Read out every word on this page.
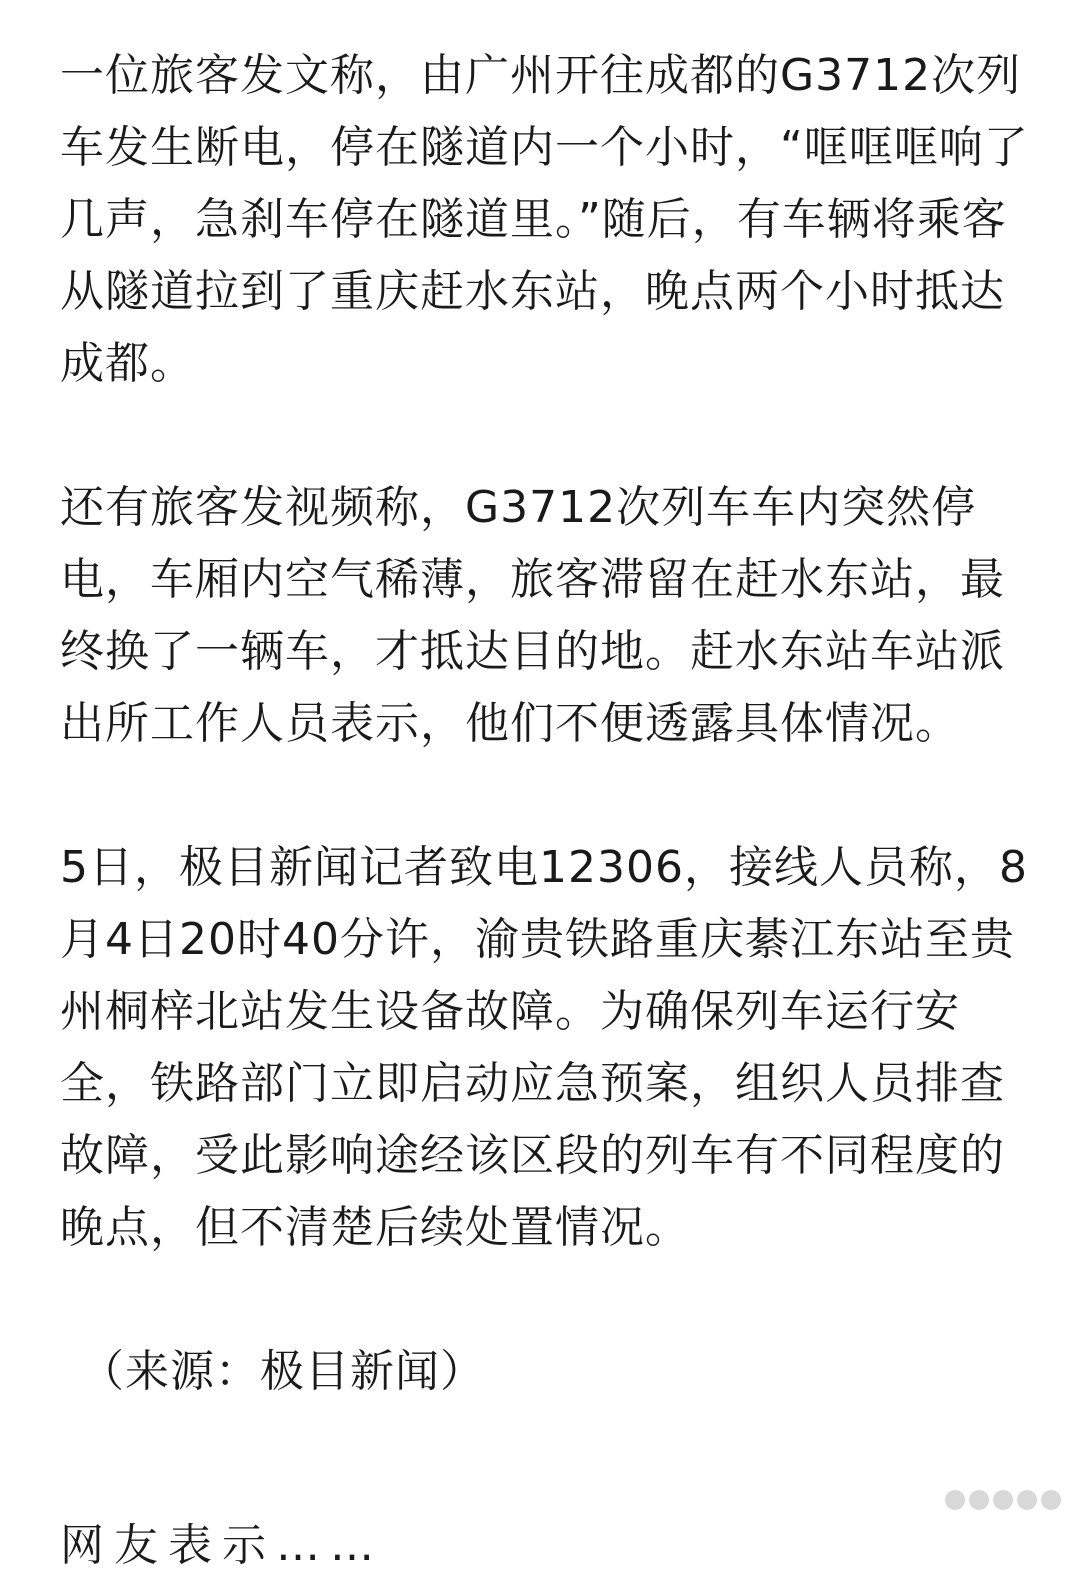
一位旅客发文称，由广州开往成都的G3712次列车发生断电，停在隧道内一个小时，“哐哐哐响了几声，急刹车停在隧道里。”随后，有车辆将乘客从隧道拉到了重庆赶水东站，晚点两个小时抵达成都。

还有旅客发视频称，G3712次列车车内突然停电，车厢内空气稀薄，旅客滞留在赶水东站，最终换了一辆车，才抵达目的地。赶水东站车站派出所工作人员表示，他们不便透露具体情况。

5日，极目新闻记者致电12306，接线人员称，8月4日20时40分许，渝贵铁路重庆綦江东站至贵州桐梓北站发生设备故障。为确保列车运行安全，铁路部门立即启动应急预案，组织人员排查故障，受此影响途经该区段的列车有不同程度的晚点，但不清楚后续处置情况。

（来源：极目新闻）

网友表示……
